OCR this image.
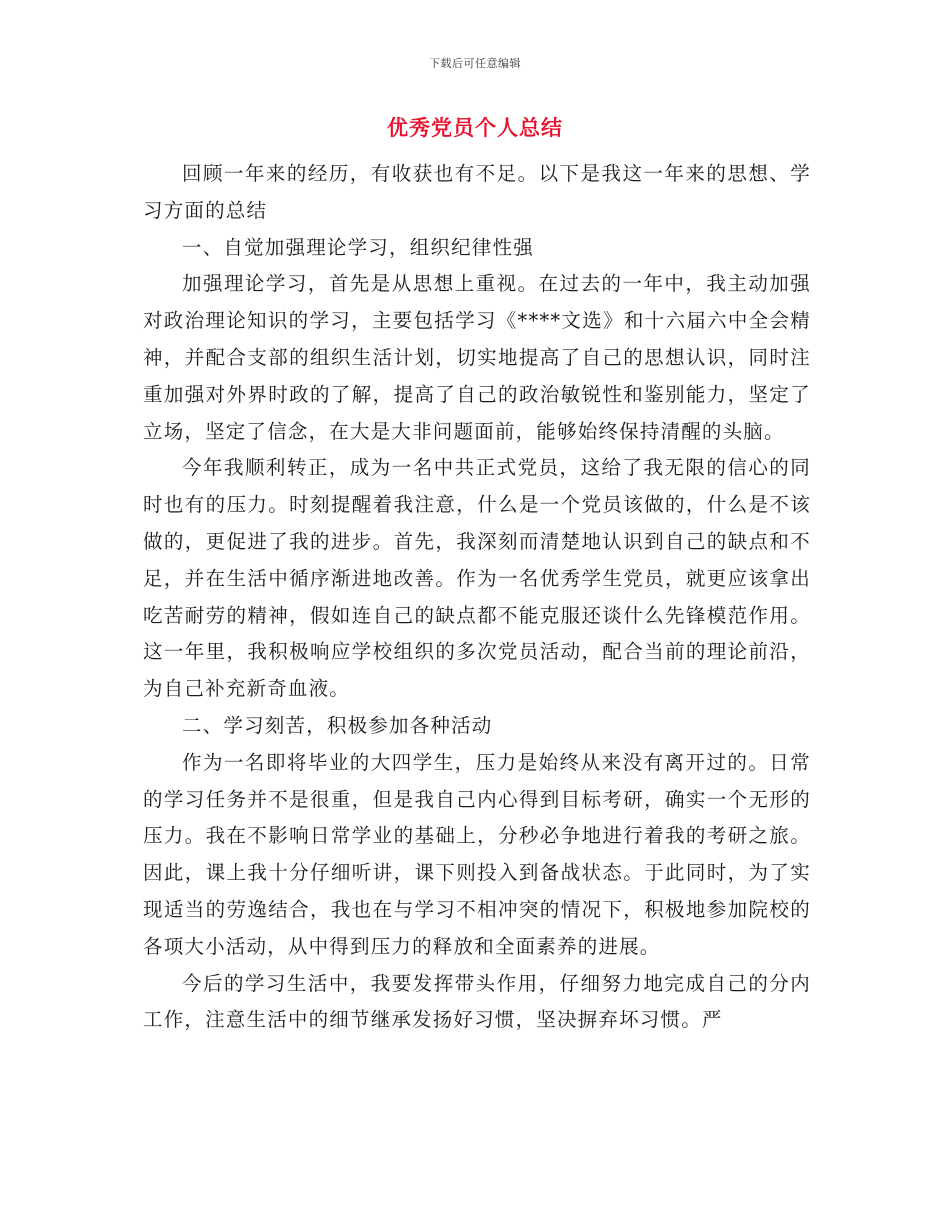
下载后可任意编辑
优秀党员个人总结

回顾一年来的经历，有收获也有不足。以下是我这一年来的思想、学习方面的总结

一、自觉加强理论学习，组织纪律性强

加强理论学习，首先是从思想上重视。在过去的一年中，我主动加强对政治理论知识的学习，主要包括学习《****文选》和十六届六中全会精神，并配合支部的组织生活计划，切实地提高了自己的思想认识，同时注重加强对外界时政的了解，提高了自己的政治敏锐性和鉴别能力，坚定了立场，坚定了信念，在大是大非问题面前，能够始终保持清醒的头脑。

今年我顺利转正，成为一名中共正式党员，这给了我无限的信心的同时也有的压力。时刻提醒着我注意，什么是一个党员该做的，什么是不该做的，更促进了我的进步。首先，我深刻而清楚地认识到自己的缺点和不足，并在生活中循序渐进地改善。作为一名优秀学生党员，就更应该拿出吃苦耐劳的精神，假如连自己的缺点都不能克服还谈什么先锋模范作用。这一年里，我积极响应学校组织的多次党员活动，配合当前的理论前沿，为自己补充新奇血液。

二、学习刻苦，积极参加各种活动

作为一名即将毕业的大四学生，压力是始终从来没有离开过的。日常的学习任务并不是很重，但是我自己内心得到目标考研，确实一个无形的压力。我在不影响日常学业的基础上，分秒必争地进行着我的考研之旅。因此，课上我十分仔细听讲，课下则投入到备战状态。于此同时，为了实现适当的劳逸结合，我也在与学习不相冲突的情况下，积极地参加院校的各项大小活动，从中得到压力的释放和全面素养的进展。

今后的学习生活中，我要发挥带头作用，仔细努力地完成自己的分内工作，注意生活中的细节继承发扬好习惯，坚决摒弃坏习惯。严
